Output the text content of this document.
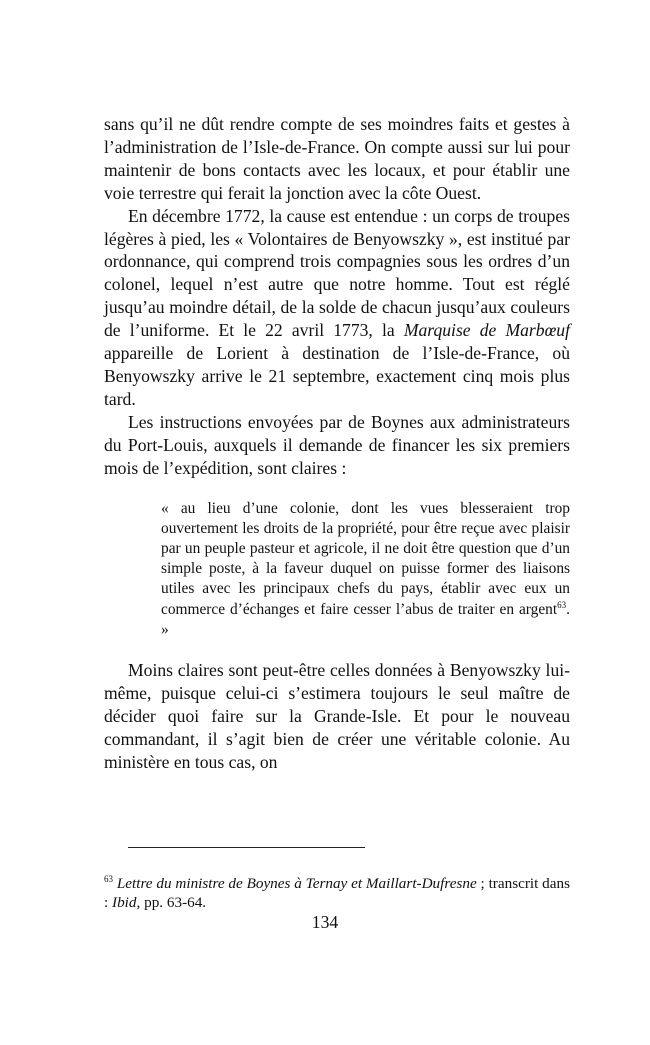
sans qu’il ne dût rendre compte de ses moindres faits et gestes à l’administration de l’Isle-de-France. On compte aussi sur lui pour maintenir de bons contacts avec les locaux, et pour établir une voie terrestre qui ferait la jonction avec la côte Ouest.

En décembre 1772, la cause est entendue : un corps de troupes légères à pied, les « Volontaires de Benyowszky », est institué par ordonnance, qui comprend trois compagnies sous les ordres d’un colonel, lequel n’est autre que notre homme. Tout est réglé jusqu’au moindre détail, de la solde de chacun jusqu’aux couleurs de l’uniforme. Et le 22 avril 1773, la Marquise de Marbœuf appareille de Lorient à destination de l’Isle-de-France, où Benyowszky arrive le 21 septembre, exactement cinq mois plus tard.

Les instructions envoyées par de Boynes aux administrateurs du Port-Louis, auxquels il demande de financer les six premiers mois de l’expédition, sont claires :

« au lieu d’une colonie, dont les vues blesseraient trop ouvertement les droits de la propriété, pour être reçue avec plaisir par un peuple pasteur et agricole, il ne doit être question que d’un simple poste, à la faveur duquel on puisse former des liaisons utiles avec les principaux chefs du pays, établir avec eux un commerce d’échanges et faire cesser l’abus de traiter en argent$^{63}$. »

Moins claires sont peut-être celles données à Benyowszky lui-même, puisque celui-ci s’estimera toujours le seul maître de décider quoi faire sur la Grande-Isle. Et pour le nouveau commandant, il s’agit bien de créer une véritable colonie. Au ministère en tous cas, on

$^{63}$ Lettre du ministre de Boynes à Ternay et Maillart-Dufresne ; transcrit dans : Ibid, pp. 63-64.

134
